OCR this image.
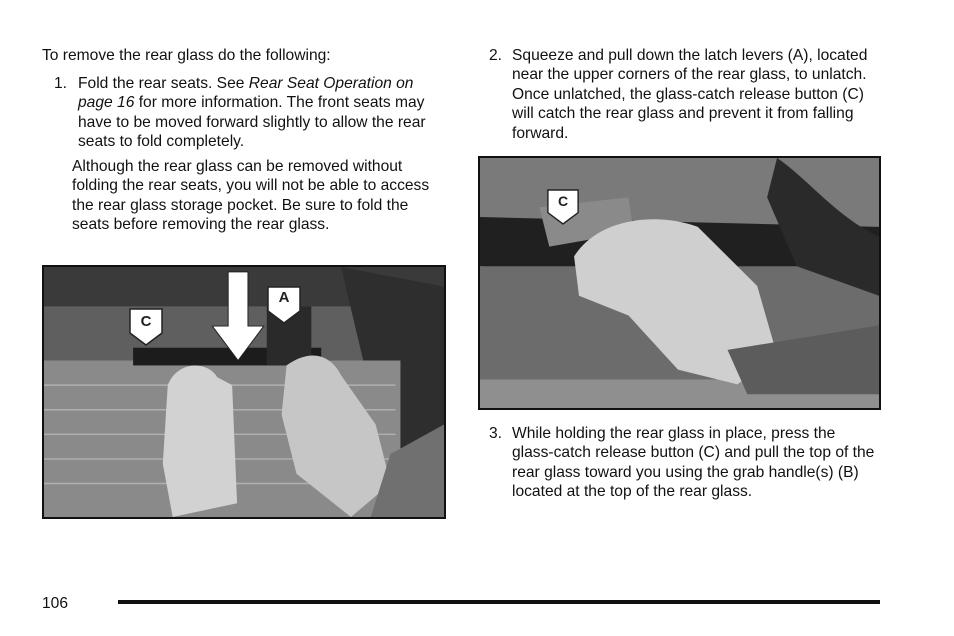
To remove the rear glass do the following:

1. Fold the rear seats. See Rear Seat Operation on page 16 for more information. The front seats may have to be moved forward slightly to allow the rear seats to fold completely.

Although the rear glass can be removed without folding the rear seats, you will not be able to access the rear glass storage pocket. Be sure to fold the seats before removing the rear glass.

A
C
2. Squeeze and pull down the latch levers (A), located near the upper corners of the rear glass, to unlatch. Once unlatched, the glass-catch release button (C) will catch the rear glass and prevent it from falling forward.

C
3. While holding the rear glass in place, press the glass-catch release button (C) and pull the top of the rear glass toward you using the grab handle(s) (B) located at the top of the rear glass.

106
